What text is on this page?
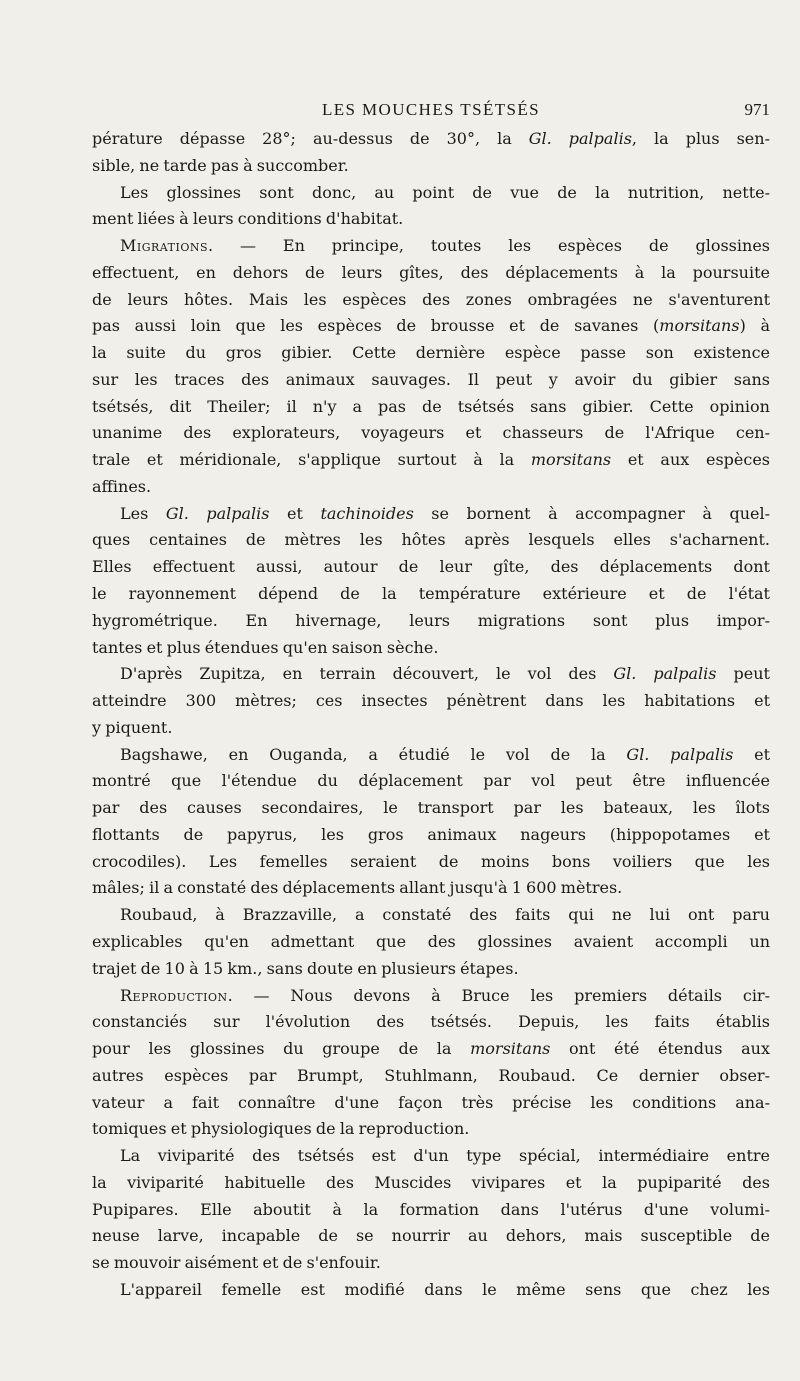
LES MOUCHES TSÉTSÉS	971
pérature dépasse 28°; au-dessus de 30°, la Gl. palpalis, la plus sen-
sible, ne tarde pas à succomber.
Les glossines sont donc, au point de vue de la nutrition, nette-
ment liées à leurs conditions d'habitat.
Migrations. — En principe, toutes les espèces de glossines
effectuent, en dehors de leurs gîtes, des déplacements à la poursuite
de leurs hôtes. Mais les espèces des zones ombragées ne s'aventurent
pas aussi loin que les espèces de brousse et de savanes (morsitans) à
la suite du gros gibier. Cette dernière espèce passe son existence
sur les traces des animaux sauvages. Il peut y avoir du gibier sans
tsétsés, dit Theiler; il n'y a pas de tsétsés sans gibier. Cette opinion
unanime des explorateurs, voyageurs et chasseurs de l'Afrique cen-
trale et méridionale, s'applique surtout à la morsitans et aux espèces
affines.
Les Gl. palpalis et tachinoides se bornent à accompagner à quel-
ques centaines de mètres les hôtes après lesquels elles s'acharnent.
Elles effectuent aussi, autour de leur gîte, des déplacements dont
le rayonnement dépend de la température extérieure et de l'état
hygrométrique. En hivernage, leurs migrations sont plus impor-
tantes et plus étendues qu'en saison sèche.
D'après Zupitza, en terrain découvert, le vol des Gl. palpalis peut
atteindre 300 mètres; ces insectes pénètrent dans les habitations et
y piquent.
Bagshawe, en Ouganda, a étudié le vol de la Gl. palpalis et
montré que l'étendue du déplacement par vol peut être influencée
par des causes secondaires, le transport par les bateaux, les îlots
flottants de papyrus, les gros animaux nageurs (hippopotames et
crocodiles). Les femelles seraient de moins bons voiliers que les
mâles; il a constaté des déplacements allant jusqu'à 1 600 mètres.
Roubaud, à Brazzaville, a constaté des faits qui ne lui ont paru
explicables qu'en admettant que des glossines avaient accompli un
trajet de 10 à 15 km., sans doute en plusieurs étapes.
Reproduction. — Nous devons à Bruce les premiers détails cir-
constanciés sur l'évolution des tsétsés. Depuis, les faits établis
pour les glossines du groupe de la morsitans ont été étendus aux
autres espèces par Brumpt, Stuhlmann, Roubaud. Ce dernier obser-
vateur a fait connaître d'une façon très précise les conditions ana-
tomiques et physiologiques de la reproduction.
La viviparité des tsétsés est d'un type spécial, intermédiaire entre
la viviparité habituelle des Muscides vivipares et la pupiparité des
Pupipares. Elle aboutit à la formation dans l'utérus d'une volumi-
neuse larve, incapable de se nourrir au dehors, mais susceptible de
se mouvoir aisément et de s'enfouir.
L'appareil femelle est modifié dans le même sens que chez les
